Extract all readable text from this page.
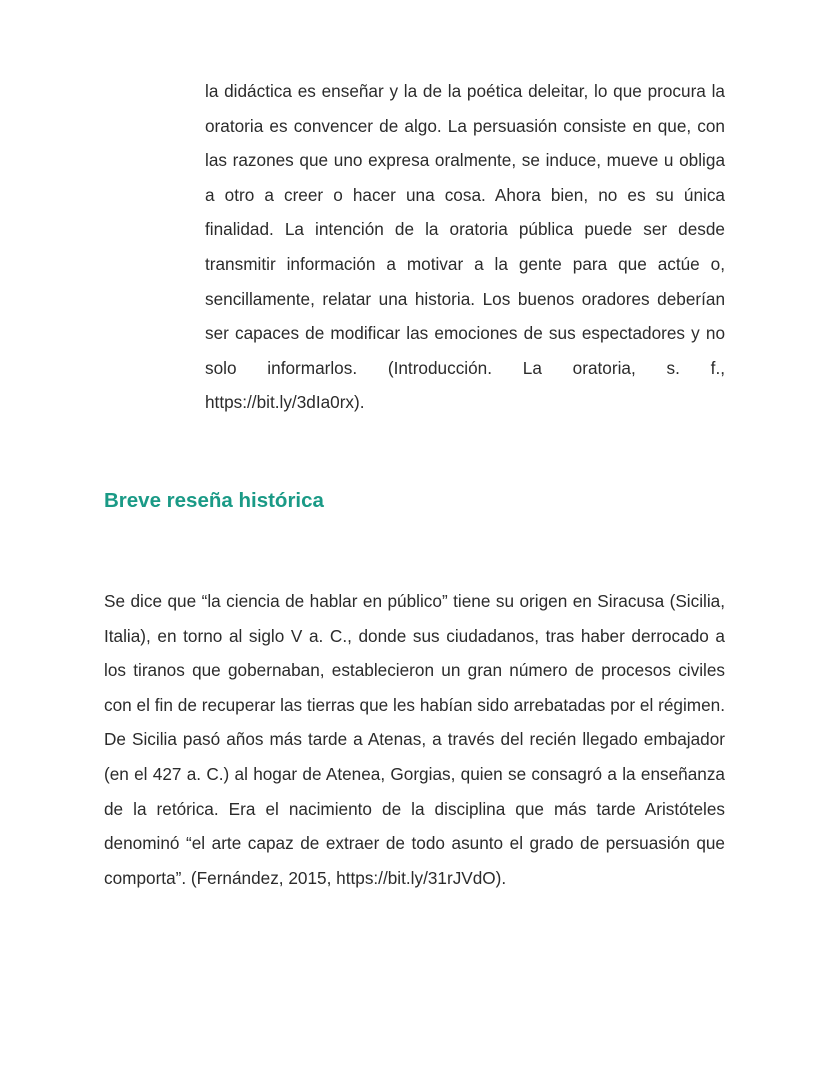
la didáctica es enseñar y la de la poética deleitar, lo que procura la oratoria es convencer de algo. La persuasión consiste en que, con las razones que uno expresa oralmente, se induce, mueve u obliga a otro a creer o hacer una cosa. Ahora bien, no es su única finalidad. La intención de la oratoria pública puede ser desde transmitir información a motivar a la gente para que actúe o, sencillamente, relatar una historia. Los buenos oradores deberían ser capaces de modificar las emociones de sus espectadores y no solo informarlos. (Introducción. La oratoria, s. f., https://bit.ly/3dIa0rx).

Breve reseña histórica

Se dice que “la ciencia de hablar en público” tiene su origen en Siracusa (Sicilia, Italia), en torno al siglo V a. C., donde sus ciudadanos, tras haber derrocado a los tiranos que gobernaban, establecieron un gran número de procesos civiles con el fin de recuperar las tierras que les habían sido arrebatadas por el régimen. De Sicilia pasó años más tarde a Atenas, a través del recién llegado embajador (en el 427 a. C.) al hogar de Atenea, Gorgias, quien se consagró a la enseñanza de la retórica. Era el nacimiento de la disciplina que más tarde Aristóteles denominó “el arte capaz de extraer de todo asunto el grado de persuasión que comporta”. (Fernández, 2015, https://bit.ly/31rJVdO).
